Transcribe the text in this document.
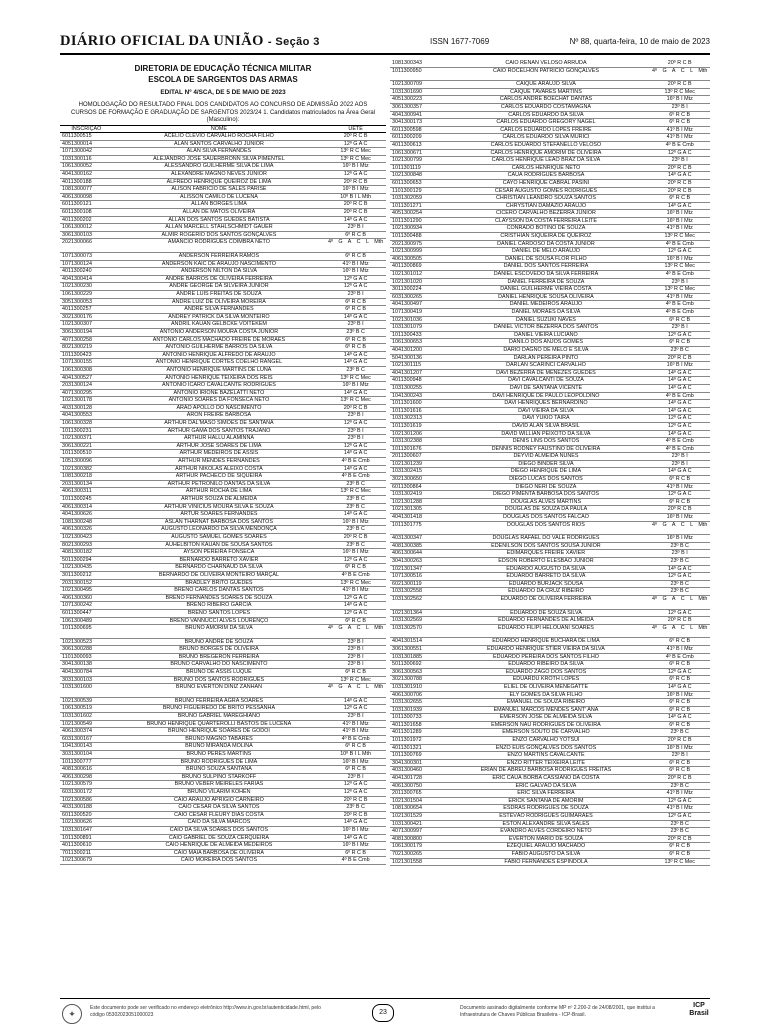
DIÁRIO OFICIAL DA UNIÃO - Seção 3	ISSN 1677-7069	Nº 88, quarta-feira, 10 de maio de 2023
DIRETORIA DE EDUCAÇÃO TÉCNICA MILITAR
ESCOLA DE SARGENTOS DAS ARMAS
EDITAL Nº 4/SCA, DE 5 DE MAIO DE 2023
HOMOLOGAÇÃO DO RESULTADO FINAL DOS CANDIDATOS AO CONCURSO DE ADMISSÃO 2022 AOS CURSOS DE FORMAÇÃO E GRADUAÇÃO DE SARGENTOS 2023/24 1. Candidatos matriculados na Área Geral (Masculino):
INSCRIÇÃO	NOME	UETE
6011300515	ACELIO CLEVIO CARVALHO ROCHA FILHO	20º R C B
4051300014	ALAN SANTOS CARVALHO JÚNIOR	12º G A C
1071300042	ALAN SILVA FERNANDES	13º R C Mec
1031300116	ALEJANDRO JOSÉ SAUERBRONN SILVA PIMENTEL	13º R C Mec
1061300052	ALESSANDRO GUILHERME SILVA DE LIMA	16º B I Mtz
4041300162	ALEXANDRE MAGNO NEVES JÚNIOR	12º G A C
4011300188	ALFREDO HENRIQUE QUEIROZ DE LIMA	20º R C B
1081300077	ALISON FABRICIO DE SALES PARISE	16º B I Mtz
4061300098	ALISSON CAMILO DE LUCENA	10º B I L Mth
6011300121	ALLAN BORGES LIMA	20º R C B
6011300108	ALLAN DE MATOS OLIVEIRA	20º R C B
4011300202	ALLAN DOS SANTOS GUEDES BATISTA	14º G A C
1061300012	ALLAN MARCELL STAHLSCHMIDT GAUER	23º B I
3061300103	ALMIR ROGERIO DOS SANTOS GONÇALVES	6º R C B
2021300066	AMANCIO RODRIGUES COIMBRA NETO	4º G A C L Mth
1071300073	ANDERSON FERREIRA RAMOS	6º R C B
1071300124	ANDERSON KAIC DE ARAUJO NASCIMENTO	41º B I Mtz
4011300240	ANDERSON NILTON DA SILVA	16º B I Mtz
4041300414	ANDRÉ BARROS DE OLIVEIRA FERREIRA	12º G A C
1021300230	ANDRÉ GEORGE DA SILVEIRA JÚNIOR	12º G A C
1061300229	ANDRÉ LUÍS FREITAS DE SOUZA	23º B I
3051300053	ANDRÉ LUIZ DE OLIVEIRA MOREIRA	6º R C B
4011300257	ANDRÉ SILVA FERNANDES	6º R C B
3021300176	ANDREY PATRICK DA SILVA MONTEIRO	14º G A C
1021300307	ANDRIL KAUAN GELBCKE VOITEKEM	23º B I
3061300194	ANTONIO ANDERSON MOURA COSTA JÚNIOR	23º B C
4071300258	ANTONIO CARLOS MACHADO FREIRE DE MORAES	6º R C B
8021300219	ANTONIO GUILHERME BARROS DA SILVA	6º R C B
1011300423	ANTÔNIO HENRIQUE ALFREDO DE ARAUJO	14º G A C
1071300155	ANTÔNIO HENRIQUE CÔRTES COELHO RANGEL	14º G A C
1061300308	ANTONIO HENRIQUE MARTINS DE LUNA	23º B C
4041300527	ANTONIO HENRIQUE TEIXEIRA DOS REIS	13º R C Mec
2031300124	ANTÔNIO ÍCARO CAVALCANTE RODRIGUES	16º B I Mtz
4071300295	ANTONIO IRIONÊ BAZELATTI NETO	14º G A C
1021300178	ANTONIO SOARES DA FONSECA NETO	13º R C Mec
4031300128	ARÃO APOLLO DO NASCIMENTO	20º R C B
4041300553	ARON FREIRE BARBOSA	23º B I
1061300328	ARTHUR DAL'MASO SIMÕES DE SANTANA	12º G A C
1011300231	ARTHUR GAMA DOS SANTOS TRAJANO	23º B I
1021300371	ARTHUR HALLU ALAMINNA	23º B I
3061300221	ARTHUR JOSÉ SOARES DE LIMA	12º G A C
1011300510	ARTHUR MEDEIROS DE ASSIS	14º G A C
1051300096	ARTHUR MENDES FERNANDES	4º B E Cmb
1021300382	ARTHUR NIKOLAS ALEIXO COSTA	14º G A C
1081300218	ARTHUR PACHECO DE SIQUEIRA	4º B E Cmb
2031300134	ARTHUR PETRONILO DANTAS DA SILVA	23º B C
4061300311	ARTHUR ROCHA DE LIMA	13º R C Mec
1011300245	ARTHUR SOUZA DE ALMEIDA	23º B C
4061300314	ARTHUR VINÍCIUS MOURA SILVA E SOUZA	23º B C
4041300626	ARTUR SOARES FERNANDES	14º G A C
1081300248	ASLAN THARNAT BARBOSA DOS SANTOS	16º B I Mtz
4061300326	AUGUSTO LEONARDO DA SILVA MENDONÇA	23º B C
1021300423	AUGUSTO SAMUEL GOMES SOARES	20º R C B
8021300293	AUHELBITON KAUAN DE SOUSA SANTOS	23º B C
4081300182	AYSON PEREIRA FONSECA	16º B I Mtz
5011300294	BERNARDO BARRETO XAVIER	12º G A C
1021300435	BERNARDO CHARNAUD DA SILVA	6º R C B
3011300212	BERNARDO DE OLIVEIRA MONTEIRO MARÇAL	4º B E Cmb
2031300152	BRADLEY BRITO GUEDES	13º R C Mec
1021300495	BRENO CARLOS DANTAS SANTOS	41º B I Mtz
4061300360	BRENO FERNANDES SOARES DE SOUZA	12º G A C
1071300242	BRENO RIBEIRO GARCIA	14º G A C
6011300447	BRENO SANTOS LOPES	12º G A C
1061300489	BRENO VANNUCCI ALVES LOURENÇO	6º R C B
1011300695	BRUNO AMORIM DA SILVA	4º G A C L Mth
1021300523	BRUNO ANDRÉ DE SOUZA	23º B I
3061300288	BRUNO BORGES DE OLIVEIRA	23º B I
1101300093	BRUNO BREGERON FERREIRA	23º B I
3041300138	BRUNO CARVALHO DO NASCIMENTO	23º B I
4041300784	BRUNO DE ASSIS LUQUE	6º R C B
3031300103	BRUNO DOS SANTOS RODRIGUES	13º R C Mec
1031301600	BRUNO ÉVERTON DINIZ ZANHAN	4º G A C L Mth
1021300539	BRUNO FERREIRA AGRA SOARES	14º G A C
1061300519	BRUNO FIGUEIREDO DE BRITO PESSANHA	12º G A C
1031301602	BRUNO GABRIEL MAREGHIANO	23º B I
1021300549	BRUNO HENRIQUE QUARTEROLLI BASTOS DE LUCENA	41º B I Mtz
4061300374	BRUNO HENRIQUE SOARES DE GODOI	41º B I Mtz
6031300167	BRUNO MAGNO TABARES	4º B E Cmb
1041300143	BRUNO MIRANDA MOLINA	6º R C B
3031300104	BRUNO PERES MARTINS	10º B I L Mth
1011300777	BRUNO RODRIGUES DE LIMA	16º B I Mtz
4081300616	BRUNO SOUZA SANTANA	6º R C B
4061300298	BRUNO SULPINO STARKOFF	23º B I
1021300579	BRUNO VEBER MEIRELES FARIAS	12º G A C
6031300172	BRUNO VILARIM KOHEN	12º G A C
1021300586	CAIO ARAUJO APRIGIO CARNEIRO	20º R C B
4031300188	CAIO CESAR DA SILVA SANTOS	23º B C
6011300520	CAIO CÉSAR FLEURY DIAS COSTA	20º R C B
1021300626	CAIO DA SILVA MARCOS	14º G A C
1031301647	CAIO DA SILVA SOARES DOS SANTOS	16º B I Mtz
1011300891	CAIO GABRIEL DE SOUZA CERQUEIRA	14º G A C
4011300610	CAIO HENRIQUE DE ALMEIDA MEDEIROS	16º B I Mtz
7011300211	CAIO MAIA BARBOSA DE OLIVEIRA	6º R C B
1021300679	CAIO MOREIRA DOS SANTOS	4º B E Cmb
1081300343	CAIO RENAN VELOSO ARRUDA	20º R C B
1011300950	CAIO ROCELHON PATRICIO GONÇALVES	4º G A C L Mth
1021300709	CAIQUE ARAUJO SILVA	20º R C B
1031301690	CAIQUE TAVARES MARTINS	13º R C Mec
4051300223	CARLOS ANDRÉ BOECHAT DANTAS	16º B I Mtz
3061300357	CARLOS EDUARDO COSTAMAGNA	23º B I
4041300941	CARLOS EDUARDO DA SILVA	6º R C B
3041300173	CARLOS EDUARDO GREGORY NAGEL	6º R C B
6011300598	CARLOS EDUARDO LOPES FREIRE	41º B I Mtz
6011300209	CARLOS EDUARDO SILVA MURICI	41º B I Mtz
4011300613	CARLOS EDUARDO STEFANELLO VELOSO	4º B E Cmb
1061300671	CARLOS HENRIQUE AMORIM DE OLIVEIRA	12º G A C
1021300799	CARLOS HENRIQUE LEÃO BRAZ DA SILVA	23º B I
1011301119	CARLOS HENRIQUE NETO	20º R C B
1021300848	CAUÃ RODRIGUES BARBOSA	14º G A C
6011300653	CAYO HENRIQUE CABRAL PASINI	20º R C B
1101300129	CESAR AUGUSTO GOMES RODRIGUES	20º R C B
1031302059	CHRISTIAN LEANDRO SOUZA SANTOS	6º R C B
1011301271	CHRYSTIAN DAMAZIO ARAUJO	14º G A C
4051300254	CÍCERO CARVALHO BEZERRA JÚNIOR	16º B I Mtz
1011301290	CLAYSSON DA COSTA FERREIRA LEITE	16º B I Mtz
1021300934	CONRADO BOTINO DE SOUZA	41º B I Mtz
1011300488	CRISTHIAN SIQUEIRA DE QUEIROZ	13º R C Mec
2021300975	DANIEL CARDOSO DA COSTA JÚNIOR	4º B E Cmb
1021300999	DANIEL DE MELO ARAUJO	12º G A C
4061300505	DANIEL DE SOUSA FLOR FILHO	16º B I Mtz
4011300869	DANIEL DOS SANTOS FERREIRA	13º R C Mec
1021301012	DANIEL ESCOVEDO DA SILVA FERREIRA	4º B E Cmb
1021301020	DANIEL FERREIRA DE SOUZA	23º B I
3011300224	DANIEL GUILHERME VIEIRA COSTA	13º R C Mec
6031300265	DANIEL HENRIQUE SOUSA OLIVEIRA	41º B I Mtz
4041300497	DANIEL MEDEIROS ARAUJO	4º B E Cmb
1071300419	DANIEL MORAES DA SILVA	4º B E Cmb
1021301036	DANIEL SUZUKI NAVES	6º R C B
1031301079	DANIEL VICTOR BEZERRA DOS SANTOS	23º B I
1011300433	DANIEL VIEIRA LUCIANO	12º G A C
1061300653	DANILO DOS ANJOS GOMES	6º R C B
4041301200	DARIO DAGNO DE MELO E SILVA	23º B C
5041300136	DARLAN PEREIRA PINTO	20º R C B
1021301115	DARLAN SCARINCI CARVALHO	16º B I Mtz
4041301207	DAVI BEZERRA DE MENEZES GUEDES	14º G A C
4011300948	DAVI CAVALCANTI DE SOUZA	14º G A C
1031300255	DAVI DE SANTANA VICENTE	14º G A C
1041300243	DAVI HENRIQUE DE PAULO LEOPOLDINO	4º B E Cmb
1011301600	DAVI HENRIQUES BERNARDINO	14º G A C
1011301616	DAVI VIEIRA DA SILVA	14º G A C
1031302313	DAVI YUKIO TAIRA	12º G A C
1011301619	DAVID ALAN SILVA BRASIL	12º G A C
1021301206	DAVID WILLIAN PEIXOTO DA SILVA	14º G A C
1031302388	DENIS LINS DOS SANTOS	4º B E Cmb
1011301676	DENNIS RODNEY FAUSTINO DE OLIVEIRA	4º B E Cmb
2011300607	DEYVID ALMEIDA NUNES	23º B I
1021301239	DIEGO BINDER SILVA	23º B I
1031302415	DIEGO HENRIQUE DE LIMA	14º G A C
3021300650	DIEGO LUCAS DOS SANTOS	6º R C B
6011300864	DIEGO NERI DE SOUZA	41º B I Mtz
1031302419	DIEGO PIMENTA BARBOSA DOS SANTOS	12º G A C
1021301288	DOUGLAS ALVES MARTINS	6º R C B
1021301305	DOUGLAS DE SOUZA DA PAULA	20º R C B
4041301418	DOUGLAS DOS SANTOS FALCÃO	16º B I Mtz
1011301775	DOUGLAS DOS SANTOS RIOS	4º G A C L Mth
4031300347	DOUGLAS RAFAEL DO VALE RODRIGUES	16º B I Mtz
4081300385	EDENILSON DOS SANTOS SOUSA JÚNIOR	23º B C
4061300644	EDIMARQUES FREIRE XAVIER	23º B I
3041300263	EDSON ROBERTO ELESBÃO JÚNIOR	23º B C
1021301347	EDUARDO AUGUSTO DA SILVA	14º G A C
1071300516	EDUARDO BARRETO DA SILVA	12º G A C
6021300119	EDUARDO BURJACK SOUSA	23º B C
1031302558	EDUARDO DA CRUZ RIBEIRO	23º B C
1031302562	EDUARDO DE OLIVEIRA FERREIRA	4º G A C L Mth
1021301364	EDUARDO DE SOUZA SILVA	12º G A C
1031302569	EDUARDO FERNANDES DE ALMEIDA	20º R C B
1031302570	EDUARDO FILIPI HELOUANI SOARES	4º G A C L Mth
4041301514	EDUARDO HENRIQUE BUCHARA DE LIMA	6º R C B
3061300551	EDUARDO HENRIQUE STIER VIEIRA DA SILVA	41º B I Mtz
1031301885	EDUARDO PEREIRA DOS SANTOS FILHO	4º B E Cmb
5011300692	EDUARDO RIBEIRO DA SILVA	6º R C B
3061300563	EDUARDO ZAGO DOS SANTOS	12º G A C
3021300788	EDUARDU KROTH LOPES	6º R C B
1031301910	ELIEL DE OLIVEIRA MENEGATTE	14º G A C
4061300706	ELY GOMES DA SILVA FILHO	16º B I Mtz
1031302655	EMANUEL DE SOUZA RIBEIRO	6º R C B
1031301939	EMANUEL MARCOS MENDES SANT' ANA	6º R C B
1011300733	EMERSON JOSÉ DE ALMEIDA SILVA	14º G A C
4011301658	EMERSON NAU RODRIGUES DE OLIVEIRA	6º R C B
4011301289	EMERSON SOUTO DE CARVALHO	23º B C
1011301972	ENZO CARVALHO YOTSUI	20º R C B
4011301321	ENZO EUIS GONÇALVES DOS SANTOS	16º B I Mtz
1011300769	ENZO MARTINS CAVALCANTE	23º B I
3041300301	ENZO RITTER TEIXEIRA LEITE	6º R C B
4031300460	ERIAN DE ABREU BARBOSA RODRIGUES FREITAS	6º R C B
4041301728	ERIC CAUÃ BORBA CASSIANO DA COSTA	20º R C B
4061300750	ERIC GALVÃO DA SILVA	23º B C
2011300765	ERIC SILVA FERREIRA	41º B I Mtz
1021301504	ERICK SANTANA DE AMORIM	12º G A C
1081300654	ESDRAS RODRIGUES DE SOUZA	41º B I Mtz
1021301529	ESTEVÃO RODRIGUES GUIMARÃES	12º G A C
1031300421	ESTON ALEXANDRE SILVA SALES	23º B C
4071300997	EVANDRO ALVES CORDEIRO NETO	23º B C
4081300800	EVERTON MÁRIO DE SOUZA	20º R C B
1061300179	EZEQUIEL ARAÚJO MACHADO	6º R C B
7021300265	FÁBIO AUGUSTO DA SILVA	6º R C B
1021301558	FÁBIO FERNANDES ESPÍNDOLA	13º R C Mec
✦
Este documento pode ser verificado no endereço eletrônico http://www.in.gov.br/autenticidade.html, pelo código 05302023051000023	23
Documento assinado digitalmente conforme MP nº 2.200-2 de 24/08/2001, que institui a Infraestrutura de Chaves Públicas Brasileira - ICP-Brasil.
ICP Brasil
